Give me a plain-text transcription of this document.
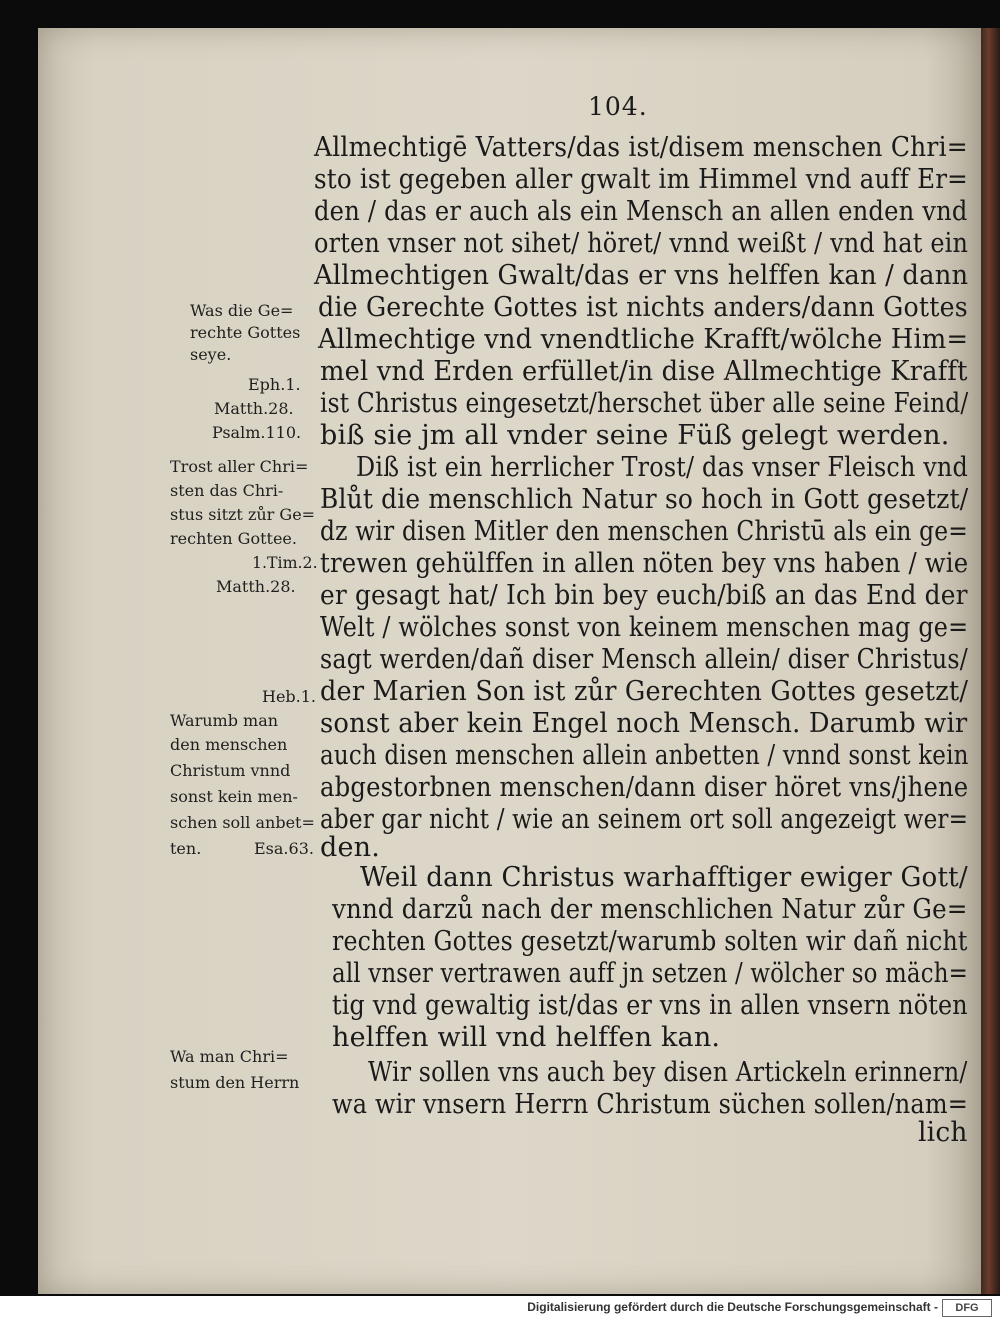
104.
Allmechtigē Vatters/das ist/disem menschen Chri=
sto ist gegeben aller gwalt im Himmel vnd auff Er=
den / das er auch als ein Mensch an allen enden vnd
orten vnser not sihet/ höret/ vnnd weißt / vnd hat ein
Allmechtigen Gwalt/das er vns helffen kan / dann
die Gerechte Gottes ist nichts anders/dann Gottes
Allmechtige vnd vnendtliche Krafft/wölche Him=
mel vnd Erden erfüllet/in dise Allmechtige Krafft
ist Christus eingesetzt/herschet über alle seine Feind/
biß sie jm all vnder seine Füß gelegt werden.
Diß ist ein herrlicher Trost/ das vnser Fleisch vnd
Blůt die menschlich Natur so hoch in Gott gesetzt/
dz wir disen Mitler den menschen Christū als ein ge=
trewen gehülffen in allen nöten bey vns haben / wie
er gesagt hat/ Ich bin bey euch/biß an das End der
Welt / wölches sonst von keinem menschen mag ge=
sagt werden/dañ diser Mensch allein/ diser Christus/
der Marien Son ist zůr Gerechten Gottes gesetzt/
sonst aber kein Engel noch Mensch. Darumb wir
auch disen menschen allein anbetten / vnnd sonst kein
abgestorbnen menschen/dann diser höret vns/jhene
aber gar nicht / wie an seinem ort soll angezeigt wer=
den.
Weil dann Christus warhafftiger ewiger Gott/
vnnd darzů nach der menschlichen Natur zůr Ge=
rechten Gottes gesetzt/warumb solten wir dañ nicht
all vnser vertrawen auff jn setzen / wölcher so mäch=
tig vnd gewaltig ist/das er vns in allen vnsern nöten
helffen will vnd helffen kan.
Wir sollen vns auch bey disen Artickeln erinnern/
wa wir vnsern Herrn Christum süchen sollen/nam=
lich
Was die Ge=
rechte Gottes
seye.
Eph.1.
Matth.28.
Psalm.110.
Trost aller Chri=
sten das Chri-
stus sitzt zůr Ge=
rechten Gottee.
1.Tim.2.
Matth.28.
Heb.1.
Warumb man
den menschen
Christum vnnd
sonst kein men-
schen soll anbet=
ten.	Esa.63.
Wa man Chri=
stum den Herrn
Digitalisierung gefördert durch die Deutsche Forschungsgemeinschaft -	DFG
